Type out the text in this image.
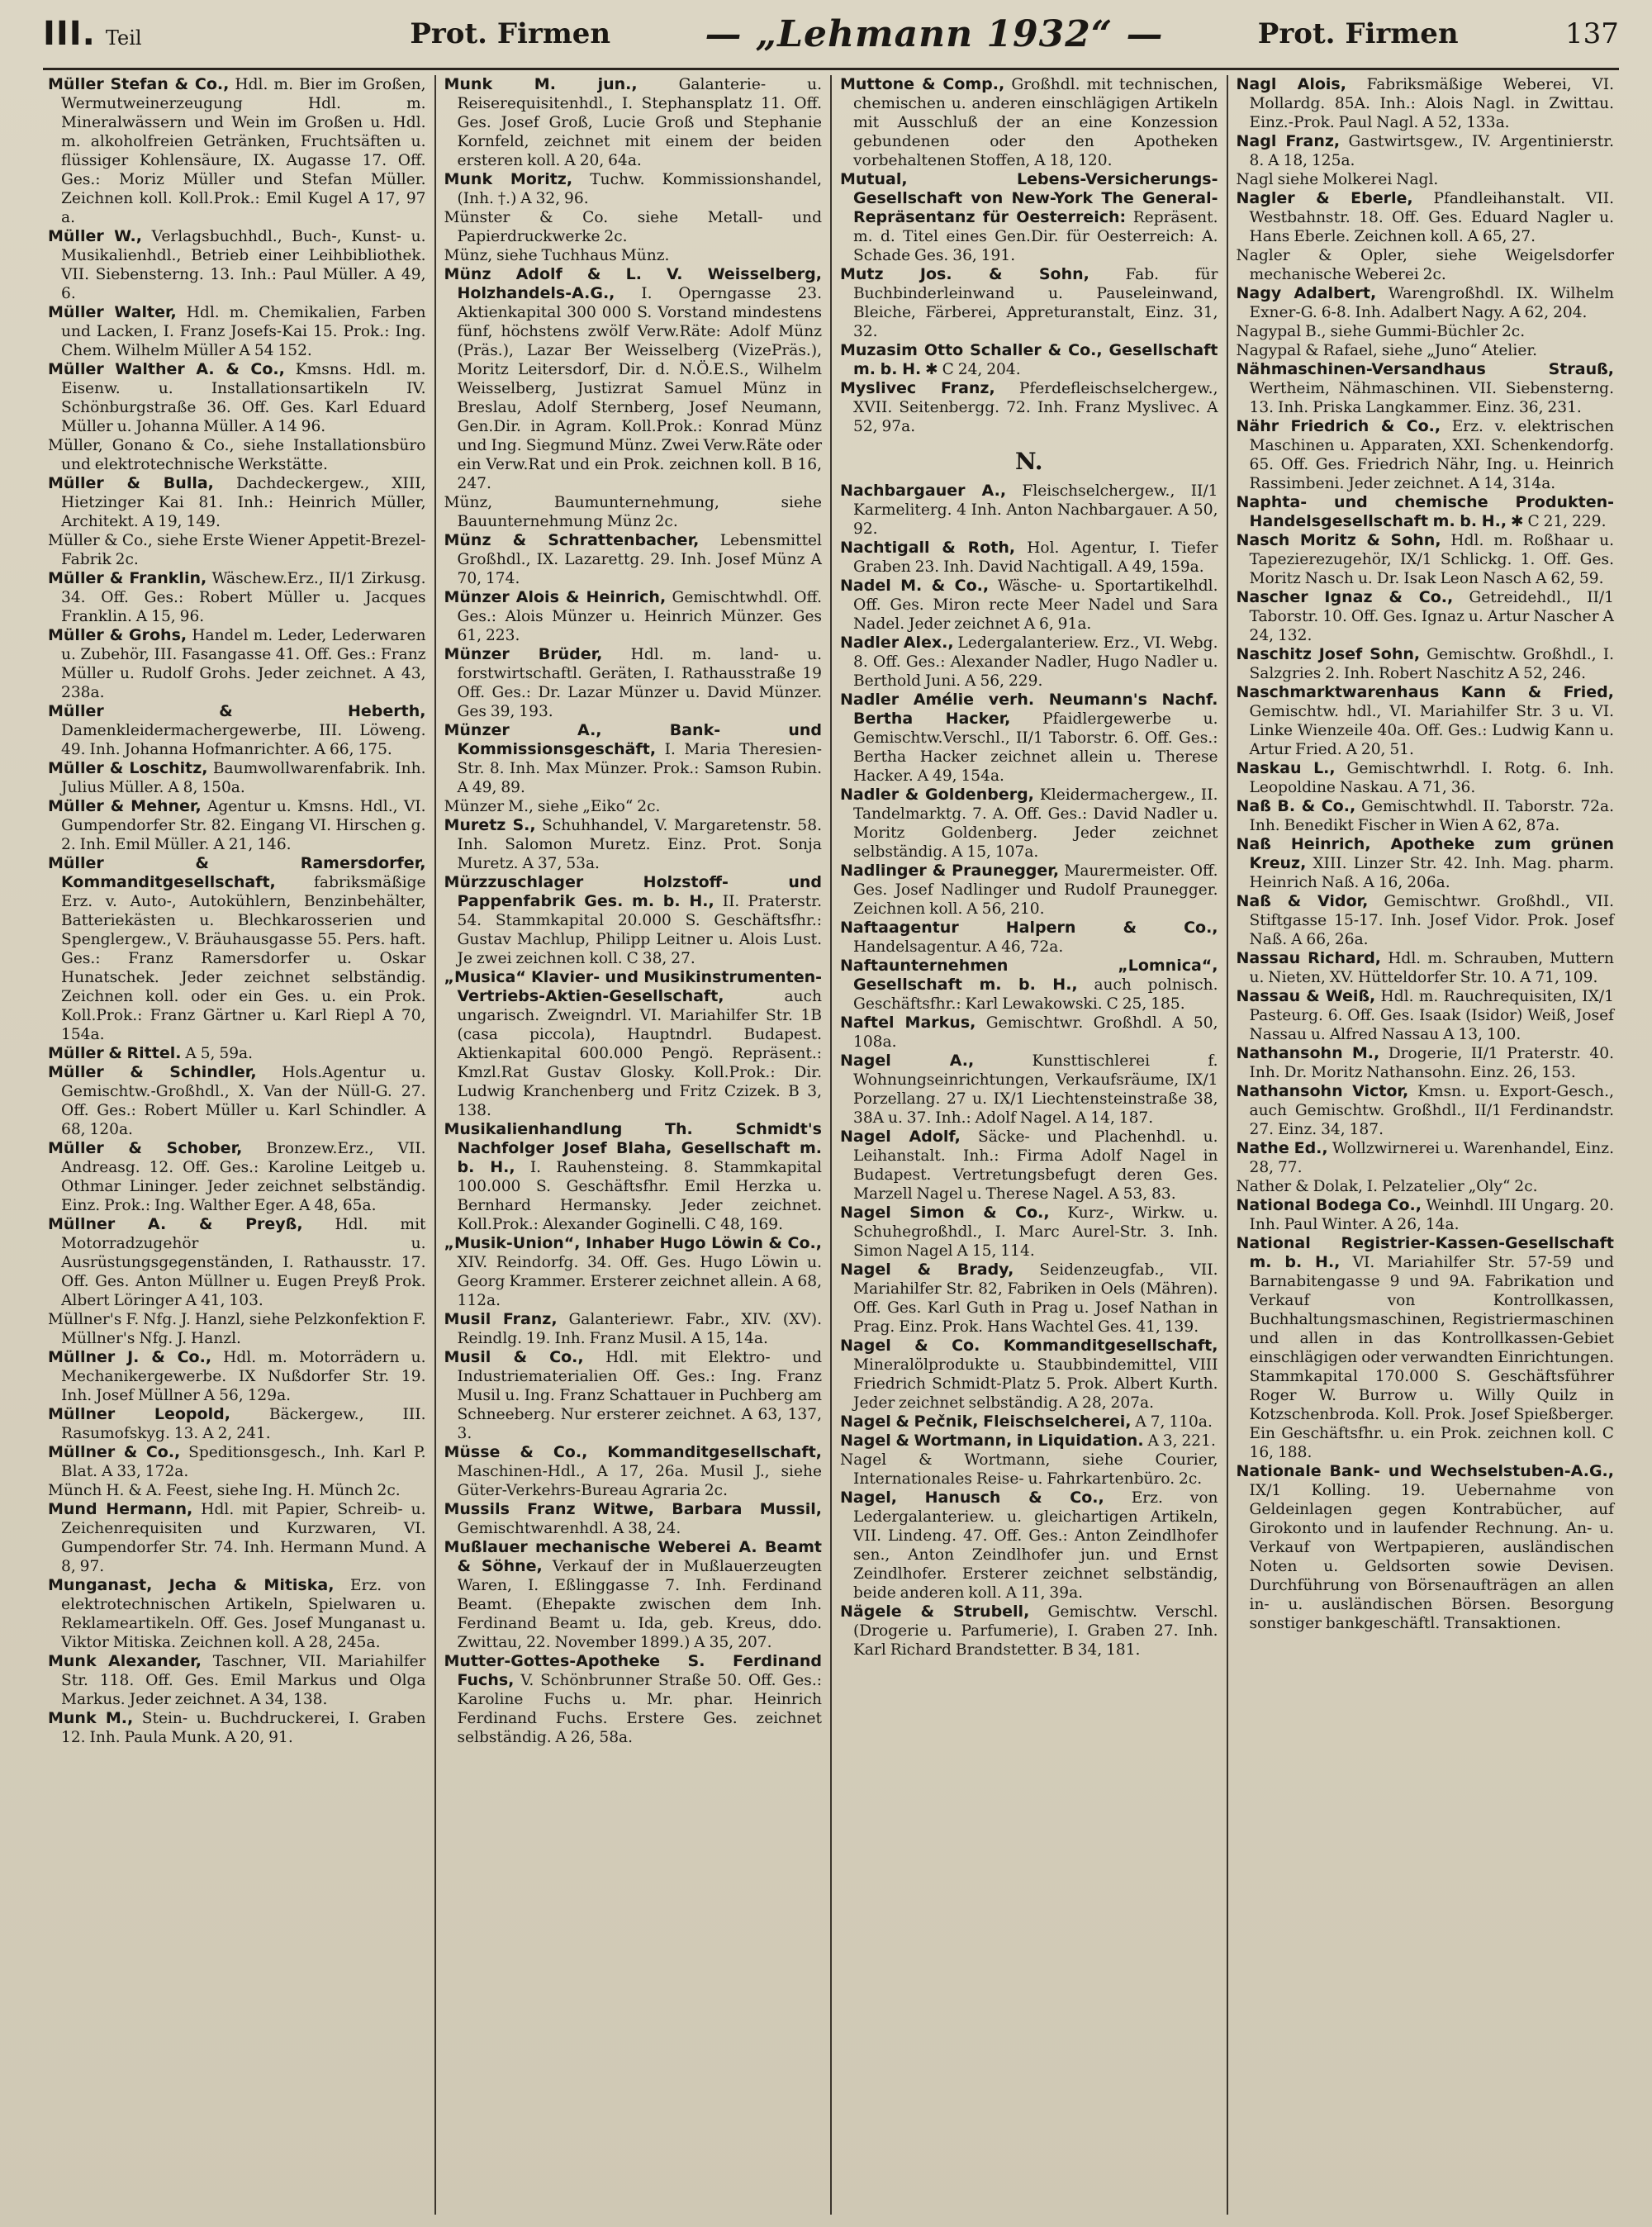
III. Teil	Prot. Firmen	— „Lehmann 1932“ —	Prot. Firmen	137

Müller Stefan & Co., Hdl. m. Bier im Großen, Wermutweinerzeugung Hdl. m. Mineralwässern und Wein im Großen u. Hdl. m. alkoholfreien Getränken, Fruchtsäften u. flüssiger Kohlensäure, IX. Augasse 17. Off. Ges.: Moriz Müller und Stefan Müller. Zeichnen koll. Koll.Prok.: Emil Kugel A 17, 97 a.

Müller W., Verlagsbuchhdl., Buch-, Kunst- u. Musikalienhdl., Betrieb einer Leihbibliothek. VII. Siebensterng. 13. Inh.: Paul Müller. A 49, 6.

Müller Walter, Hdl. m. Chemikalien, Farben und Lacken, I. Franz Josefs-Kai 15. Prok.: Ing. Chem. Wilhelm Müller A 54 152.

Müller Walther A. & Co., Kmsns. Hdl. m. Eisenw. u. Installationsartikeln IV. Schönburgstraße 36. Off. Ges. Karl Eduard Müller u. Johanna Müller. A 14 96.

Müller, Gonano & Co., siehe Installationsbüro und elektrotechnische Werkstätte.

Müller & Bulla, Dachdeckergew., XIII, Hietzinger Kai 81. Inh.: Heinrich Müller, Architekt. A 19, 149.

Müller & Co., siehe Erste Wiener Appetit-Brezel-Fabrik 2c.

Müller & Franklin, Wäschew.Erz., II/1 Zirkusg. 34. Off. Ges.: Robert Müller u. Jacques Franklin. A 15, 96.

Müller & Grohs, Handel m. Leder, Lederwaren u. Zubehör, III. Fasangasse 41. Off. Ges.: Franz Müller u. Rudolf Grohs. Jeder zeichnet. A 43, 238a.

Müller & Heberth, Damenkleidermachergewerbe, III. Löweng. 49. Inh. Johanna Hofmanrichter. A 66, 175.

Müller & Loschitz, Baumwollwarenfabrik. Inh. Julius Müller. A 8, 150a.

Müller & Mehner, Agentur u. Kmsns. Hdl., VI. Gumpendorfer Str. 82. Eingang VI. Hirschen g. 2. Inh. Emil Müller. A 21, 146.

Müller & Ramersdorfer, Kommanditgesellschaft, fabriksmäßige Erz. v. Auto-, Autokühlern, Benzinbehälter, Batteriekästen u. Blechkarosserien und Spenglergew., V. Bräuhausgasse 55. Pers. haft. Ges.: Franz Ramersdorfer u. Oskar Hunatschek. Jeder zeichnet selbständig. Zeichnen koll. oder ein Ges. u. ein Prok. Koll.Prok.: Franz Gärtner u. Karl Riepl A 70, 154a.

Müller & Rittel. A 5, 59a.

Müller & Schindler, Hols.Agentur u. Gemischtw.-Großhdl., X. Van der Nüll-G. 27. Off. Ges.: Robert Müller u. Karl Schindler. A 68, 120a.

Müller & Schober, Bronzew.Erz., VII. Andreasg. 12. Off. Ges.: Karoline Leitgeb u. Othmar Lininger. Jeder zeichnet selbständig. Einz. Prok.: Ing. Walther Eger. A 48, 65a.

Müllner A. & Preyß, Hdl. mit Motorradzugehör u. Ausrüstungsgegenständen, I. Rathausstr. 17. Off. Ges. Anton Müllner u. Eugen Preyß Prok. Albert Löringer A 41, 103.

Müllner's F. Nfg. J. Hanzl, siehe Pelzkonfektion F. Müllner's Nfg. J. Hanzl.

Müllner J. & Co., Hdl. m. Motorrädern u. Mechanikergewerbe. IX Nußdorfer Str. 19. Inh. Josef Müllner A 56, 129a.

Müllner Leopold,	Bäckergew., III. Rasumofskyg. 13. A 2, 241.

Müllner & Co., Speditionsgesch., Inh. Karl P. Blat. A 33, 172a.

Münch H. & A. Feest, siehe Ing. H. Münch 2c.

Mund Hermann, Hdl. mit Papier, Schreib- u. Zeichenrequisiten und Kurzwaren, VI. Gumpendorfer Str. 74. Inh. Hermann Mund. A 8, 97.

Munganast, Jecha & Mitiska, Erz. von elektrotechnischen Artikeln, Spielwaren u. Reklameartikeln. Off. Ges. Josef Munganast u. Viktor Mitiska. Zeichnen koll. A 28, 245a.

Munk Alexander, Taschner, VII. Mariahilfer Str. 118. Off. Ges. Emil Markus und Olga Markus. Jeder zeichnet. A 34, 138.

Munk M., Stein- u. Buchdruckerei, I. Graben 12. Inh. Paula Munk. A 20, 91.

Munk M. jun.,	Galanterie- u. Reiserequisitenhdl., I. Stephansplatz 11. Off. Ges. Josef Groß, Lucie Groß und Stephanie Kornfeld, zeichnet mit einem der beiden ersteren koll. A 20, 64a.

Munk Moritz, Tuchw. Kommissionshandel, (Inh. †.) A 32, 96.

Münster & Co. siehe Metall- und Papierdruckwerke 2c.

Münz, siehe Tuchhaus Münz.

Münz Adolf & L. V. Weisselberg, Holzhandels-A.G., I. Operngasse 23. Aktienkapital 300 000 S. Vorstand mindestens fünf, höchstens zwölf Verw.Räte: Adolf Münz (Präs.), Lazar Ber Weisselberg (VizePräs.), Moritz Leitersdorf, Dir. d. N.Ö.E.S., Wilhelm Weisselberg, Justizrat Samuel Münz in Breslau, Adolf Sternberg, Josef Neumann, Gen.Dir. in Agram. Koll.Prok.: Konrad Münz und Ing. Siegmund Münz. Zwei Verw.Räte oder ein Verw.Rat und ein Prok. zeichnen koll. B 16, 247.

Münz, Baumunternehmung, siehe Bauunternehmung Münz 2c.

Münz & Schrattenbacher, Lebensmittel Großhdl., IX. Lazarettg. 29. Inh. Josef Münz A 70, 174.

Münzer Alois & Heinrich, Gemischtwhdl. Off. Ges.: Alois Münzer u. Heinrich Münzer. Ges 61, 223.

Münzer Brüder, Hdl. m. land- u. forstwirtschaftl. Geräten, I. Rathausstraße 19 Off. Ges.: Dr. Lazar Münzer u. David Münzer. Ges 39, 193.

Münzer A., Bank- und Kommissionsgeschäft, I. Maria Theresien-Str. 8. Inh. Max Münzer. Prok.: Samson Rubin. A 49, 89.

Münzer M., siehe „Eiko“ 2c.

Muretz S., Schuhhandel, V. Margaretenstr. 58. Inh. Salomon Muretz. Einz. Prot. Sonja Muretz. A 37, 53a.

Mürzzuschlager Holzstoff- und Pappenfabrik Ges. m. b. H., II. Praterstr. 54. Stammkapital 20.000 S. Geschäftsfhr.: Gustav Machlup, Philipp Leitner u. Alois Lust. Je zwei zeichnen koll. C 38, 27.

„Musica“ Klavier- und Musikinstrumenten-Vertriebs-Aktien-Gesellschaft,	auch ungarisch. Zweigndrl. VI. Mariahilfer Str. 1B (casa piccola), Hauptndrl. Budapest. Aktienkapital 600.000 Pengö. Repräsent.: Kmzl.Rat Gustav Glosky. Koll.Prok.: Dir. Ludwig Kranchenberg und Fritz Czizek. B 3, 138.

Musikalienhandlung Th. Schmidt's Nachfolger Josef Blaha, Gesellschaft m. b. H., I. Rauhensteing. 8. Stammkapital 100.000 S. Geschäftsfhr. Emil Herzka u. Bernhard Hermansky. Jeder zeichnet. Koll.Prok.: Alexander Goginelli. C 48, 169.

„Musik-Union“, Inhaber Hugo Löwin & Co., XIV. Reindorfg. 34. Off. Ges. Hugo Löwin u. Georg Krammer. Ersterer zeichnet allein. A 68, 112a.

Musil Franz, Galanteriewr. Fabr., XIV. (XV). Reindlg. 19. Inh. Franz Musil. A 15, 14a.

Musil & Co., Hdl. mit Elektro- und Industriematerialien Off. Ges.: Ing. Franz Musil u. Ing. Franz Schattauer in Puchberg am Schneeberg. Nur ersterer zeichnet. A 63, 137, 3.

Müsse & Co., Kommanditgesellschaft, Maschinen-Hdl., A 17, 26a. Musil J., siehe Güter-Verkehrs-Bureau Agraria 2c.

Mussils Franz Witwe, Barbara Mussil, Gemischtwarenhdl. A 38, 24.

Mußlauer mechanische Weberei A. Beamt & Söhne, Verkauf der in Mußlauerzeugten Waren, I. Eßlinggasse 7. Inh. Ferdinand Beamt. (Ehepakte zwischen dem Inh. Ferdinand Beamt u. Ida, geb. Kreus, ddo. Zwittau, 22. November 1899.) A 35, 207.

Mutter-Gottes-Apotheke S. Ferdinand Fuchs, V. Schönbrunner Straße 50. Off. Ges.: Karoline Fuchs u. Mr. phar. Heinrich Ferdinand Fuchs. Erstere Ges. zeichnet selbständig. A 26, 58a.

Muttone & Comp., Großhdl. mit technischen, chemischen u. anderen einschlägigen Artikeln mit Ausschluß der an eine Konzession gebundenen oder den Apotheken vorbehaltenen Stoffen, A 18, 120.

Mutual, Lebens-Versicherungs-Gesellschaft von New-York The General-Repräsentanz für Oesterreich: Repräsent. m. d. Titel eines Gen.Dir. für Oesterreich: A. Schade Ges. 36, 191.

Mutz Jos. & Sohn, Fab. für Buchbinderleinwand u. Pauseleinwand, Bleiche, Färberei, Appreturanstalt, Einz. 31, 32.

Muzasim Otto Schaller & Co., Gesellschaft m. b. H. ✱ C 24, 204.

Myslivec Franz, Pferdefleischselchergew., XVII. Seitenbergg. 72. Inh. Franz Myslivec. A 52, 97a.

N.

Nachbargauer A., Fleischselchergew., II/1 Karmeliterg. 4 Inh. Anton Nachbargauer. A 50, 92.

Nachtigall & Roth, Hol. Agentur, I. Tiefer Graben 23. Inh. David Nachtigall. A 49, 159a.

Nadel M. & Co., Wäsche- u. Sportartikelhdl. Off. Ges. Miron recte Meer Nadel und Sara Nadel. Jeder zeichnet A 6, 91a.

Nadler Alex., Ledergalanteriew. Erz., VI. Webg. 8. Off. Ges.: Alexander Nadler, Hugo Nadler u. Berthold Juni. A 56, 229.

Nadler Amélie verh. Neumann's Nachf. Bertha Hacker, Pfaidlergewerbe u. Gemischtw.Verschl., II/1 Taborstr. 6. Off. Ges.: Bertha Hacker zeichnet allein u. Therese Hacker. A 49, 154a.

Nadler & Goldenberg, Kleidermachergew., II. Tandelmarktg. 7. A. Off. Ges.: David Nadler u. Moritz Goldenberg. Jeder zeichnet selbständig. A 15, 107a.

Nadlinger & Praunegger, Maurermeister. Off. Ges. Josef Nadlinger und Rudolf Praunegger. Zeichnen koll. A 56, 210.

Naftaagentur Halpern & Co., Handelsagentur. A 46, 72a.

Naftaunternehmen „Lomnica“, Gesellschaft m. b. H., auch polnisch. Geschäftsfhr.: Karl Lewakowski. C 25, 185.

Naftel Markus, Gemischtwr. Großhdl. A 50, 108a.

Nagel A.,	Kunsttischlerei f. Wohnungseinrichtungen, Verkaufsräume, IX/1 Porzellang. 27 u. IX/1 Liechtensteinstraße 38, 38A u. 37. Inh.: Adolf Nagel. A 14, 187.

Nagel Adolf, Säcke- und Plachenhdl. u. Leihanstalt. Inh.: Firma Adolf Nagel in Budapest. Vertretungsbefugt deren Ges. Marzell Nagel u. Therese Nagel. A 53, 83.

Nagel Simon & Co., Kurz-, Wirkw. u. Schuhegroßhdl., I. Marc Aurel-Str. 3. Inh. Simon Nagel A 15, 114.

Nagel & Brady, Seidenzeugfab., VII. Mariahilfer Str. 82, Fabriken in Oels (Mähren). Off. Ges. Karl Guth in Prag u. Josef Nathan in Prag. Einz. Prok. Hans Wachtel Ges. 41, 139.

Nagel & Co. Kommanditgesellschaft, Mineralölprodukte u. Staubbindemittel, VIII Friedrich Schmidt-Platz 5. Prok. Albert Kurth. Jeder zeichnet selbständig. A 28, 207a.

Nagel & Pečnik, Fleischselcherei, A 7, 110a.

Nagel & Wortmann, in Liquidation. A 3, 221.

Nagel & Wortmann, siehe Courier, Internationales Reise- u. Fahrkartenbüro. 2c.

Nagel, Hanusch & Co., Erz. von Ledergalanteriew. u. gleichartigen Artikeln, VII. Lindeng. 47. Off. Ges.: Anton Zeindlhofer sen., Anton Zeindlhofer jun. und Ernst Zeindlhofer. Ersterer zeichnet selbständig, beide anderen koll. A 11, 39a.

Nägele & Strubell, Gemischtw. Verschl. (Drogerie u. Parfumerie), I. Graben 27. Inh. Karl Richard Brandstetter. B 34, 181.

Nagl Alois, Fabriksmäßige Weberei, VI. Mollardg. 85A. Inh.: Alois Nagl. in Zwittau. Einz.-Prok. Paul Nagl. A 52, 133a.

Nagl Franz, Gastwirtsgew., IV. Argentinierstr. 8. A 18, 125a.

Nagl siehe Molkerei Nagl.

Nagler & Eberle, Pfandleihanstalt. VII. Westbahnstr. 18. Off. Ges. Eduard Nagler u. Hans Eberle. Zeichnen koll. A 65, 27.

Nagler & Opler, siehe Weigelsdorfer mechanische Weberei 2c.

Nagy Adalbert, Warengroßhdl. IX. Wilhelm Exner-G. 6-8. Inh. Adalbert Nagy. A 62, 204.

Nagypal B., siehe Gummi-Büchler 2c.

Nagypal & Rafael, siehe „Juno“ Atelier.

Nähmaschinen-Versandhaus Strauß, Wertheim, Nähmaschinen. VII. Siebensterng. 13. Inh. Priska Langkammer. Einz. 36, 231.

Nähr Friedrich & Co., Erz. v. elektrischen Maschinen u. Apparaten, XXI. Schenkendorfg. 65. Off. Ges. Friedrich Nähr, Ing. u. Heinrich Rassimbeni. Jeder zeichnet. A 14, 314a.

Naphta- und chemische Produkten-Handelsgesellschaft m. b. H., ✱ C 21, 229.

Nasch Moritz & Sohn, Hdl. m. Roßhaar u. Tapezierezugehör, IX/1 Schlickg. 1. Off. Ges. Moritz Nasch u. Dr. Isak Leon Nasch A 62, 59.

Nascher Ignaz & Co., Getreidehdl., II/1 Taborstr. 10. Off. Ges. Ignaz u. Artur Nascher A 24, 132.

Naschitz Josef Sohn, Gemischtw. Großhdl., I. Salzgries 2. Inh. Robert Naschitz A 52, 246.

Naschmarktwarenhaus Kann & Fried, Gemischtw. hdl., VI. Mariahilfer Str. 3 u. VI. Linke Wienzeile 40a. Off. Ges.: Ludwig Kann u. Artur Fried. A 20, 51.

Naskau L., Gemischtwrhdl. I. Rotg. 6. Inh. Leopoldine Naskau. A 71, 36.

Naß B. & Co., Gemischtwhdl. II. Taborstr. 72a. Inh. Benedikt Fischer in Wien A 62, 87a.

Naß Heinrich, Apotheke zum grünen Kreuz, XIII. Linzer Str. 42. Inh. Mag. pharm. Heinrich Naß. A 16, 206a.

Naß & Vidor, Gemischtwr. Großhdl., VII. Stiftgasse 15-17. Inh. Josef Vidor. Prok. Josef Naß. A 66, 26a.

Nassau Richard, Hdl. m. Schrauben, Muttern u. Nieten, XV. Hütteldorfer Str. 10. A 71, 109.

Nassau & Weiß, Hdl. m. Rauchrequisiten, IX/1 Pasteurg. 6. Off. Ges. Isaak (Isidor) Weiß, Josef Nassau u. Alfred Nassau A 13, 100.

Nathansohn M., Drogerie, II/1 Praterstr. 40. Inh. Dr. Moritz Nathansohn. Einz. 26, 153.

Nathansohn Victor, Kmsn. u. Export-Gesch., auch Gemischtw. Großhdl., II/1 Ferdinandstr. 27. Einz. 34, 187.

Nathe Ed., Wollzwirnerei u. Warenhandel, Einz. 28, 77.

Nather & Dolak, I. Pelzatelier „Oly“ 2c.

National Bodega Co., Weinhdl. III Ungarg. 20. Inh. Paul Winter. A 26, 14a.

National Registrier-Kassen-Gesellschaft m. b. H., VI. Mariahilfer Str. 57-59 und Barnabitengasse 9 und 9A. Fabrikation und Verkauf von Kontrollkassen, Buchhaltungsmaschinen, Registriermaschinen und allen in das Kontrollkassen-Gebiet einschlägigen oder verwandten Einrichtungen. Stammkapital 170.000 S. Geschäftsführer Roger W. Burrow u. Willy Quilz in Kotzschenbroda. Koll. Prok. Josef Spießberger. Ein Geschäftsfhr. u. ein Prok. zeichnen koll. C 16, 188.

Nationale Bank- und Wechselstuben-A.G., IX/1 Kolling. 19. Uebernahme von Geldeinlagen gegen Kontrabücher, auf Girokonto und in laufender Rechnung. An- u. Verkauf von Wertpapieren, ausländischen Noten u. Geldsorten sowie Devisen. Durchführung von Börsenaufträgen an allen in- u. ausländischen Börsen. Besorgung sonstiger bankgeschäftl. Transaktionen.
